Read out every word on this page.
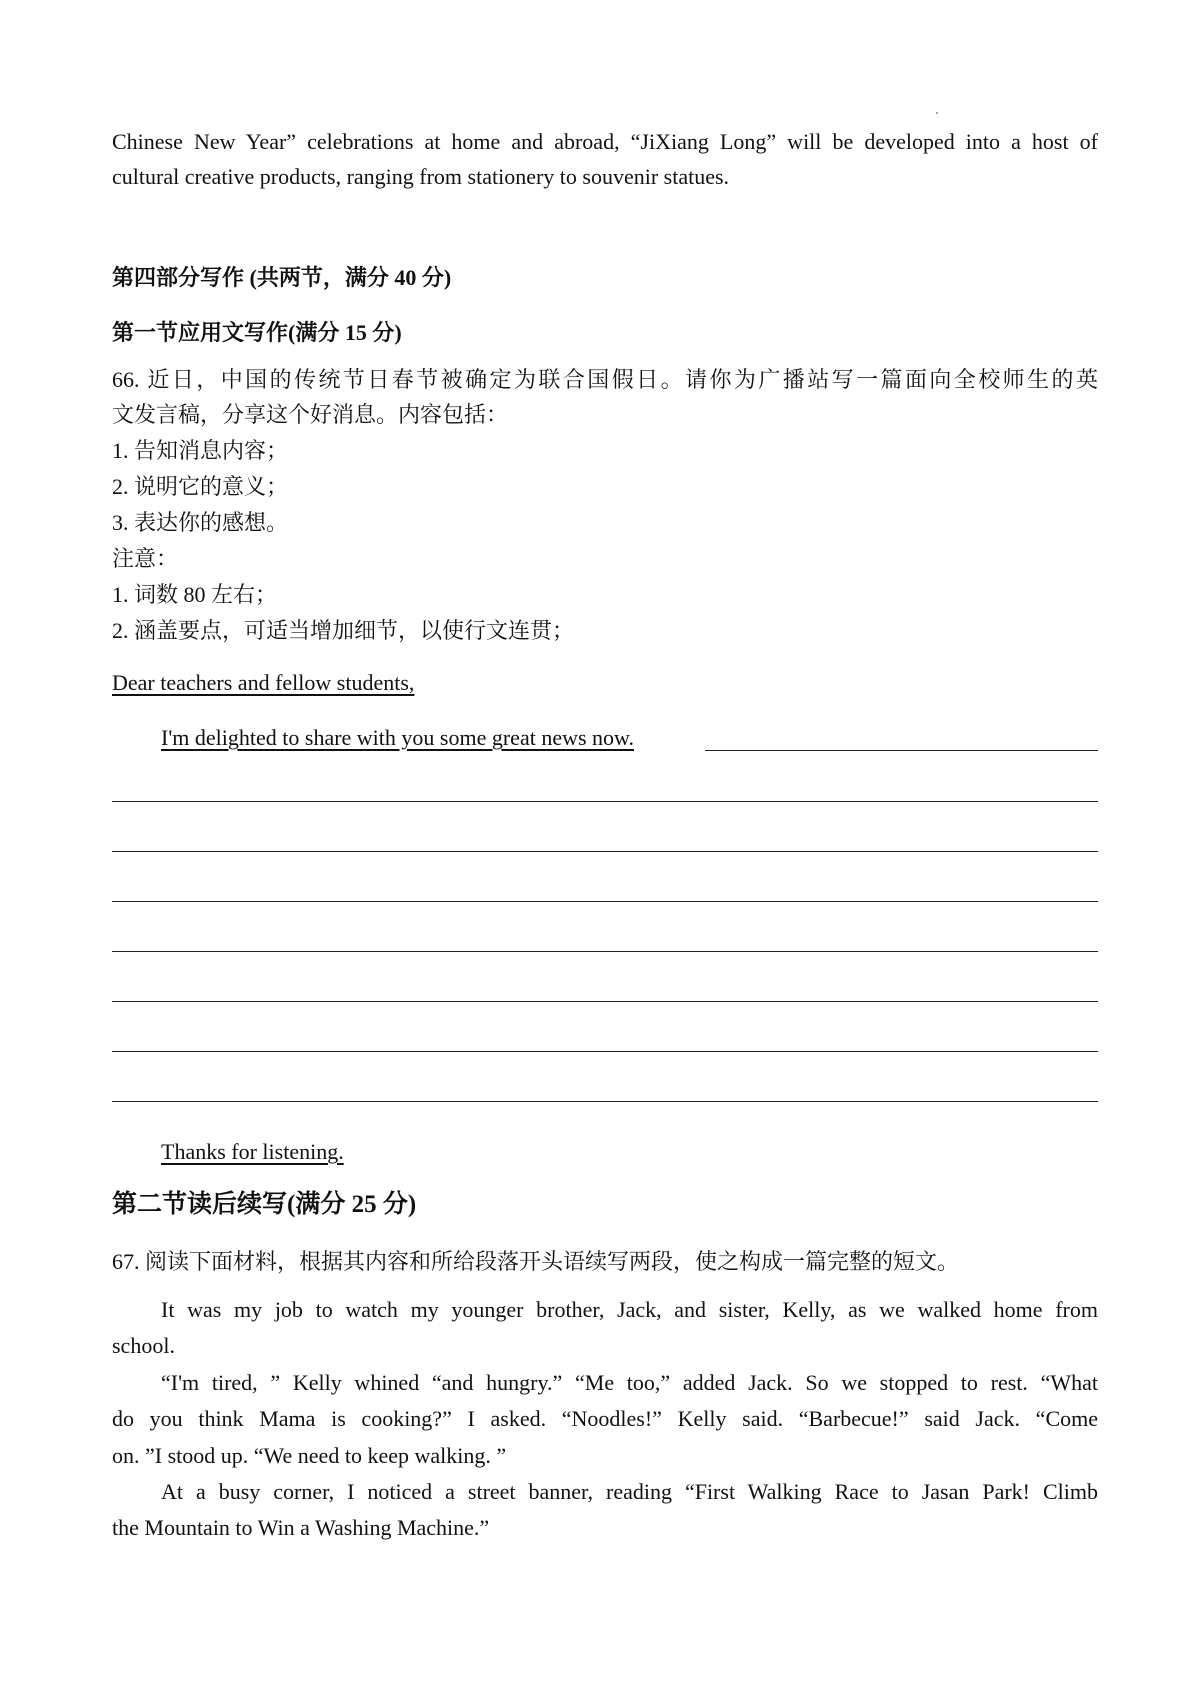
Chinese New Year” celebrations at home and abroad, “JiXiang Long” will be developed into a host of
cultural creative products, ranging from stationery to souvenir statues.
第四部分写作 (共两节，满分 40 分)
第一节应用文写作(满分 15 分)
66. 近日，中国的传统节日春节被确定为联合国假日。请你为广播站写一篇面向全校师生的英
文发言稿，分享这个好消息。内容包括：
1. 告知消息内容；
2. 说明它的意义；
3. 表达你的感想。
注意：
1. 词数 80 左右；
2. 涵盖要点，可适当增加细节，以使行文连贯；
Dear teachers and fellow students,
I'm delighted to share with you some great news now.
Thanks for listening.
第二节读后续写(满分 25 分)
67. 阅读下面材料，根据其内容和所给段落开头语续写两段，使之构成一篇完整的短文。
It was my job to watch my younger brother, Jack, and sister, Kelly, as we walked home from
school.
“I'm tired, ” Kelly whined “and hungry.” “Me too,” added Jack. So we stopped to rest. “What
do you think Mama is cooking?” I asked. “Noodles!” Kelly said. “Barbecue!” said Jack. “Come
on. ”I stood up. “We need to keep walking. ”
At a busy corner, I noticed a street banner, reading “First Walking Race to Jasan Park! Climb
the Mountain to Win a Washing Machine.”
